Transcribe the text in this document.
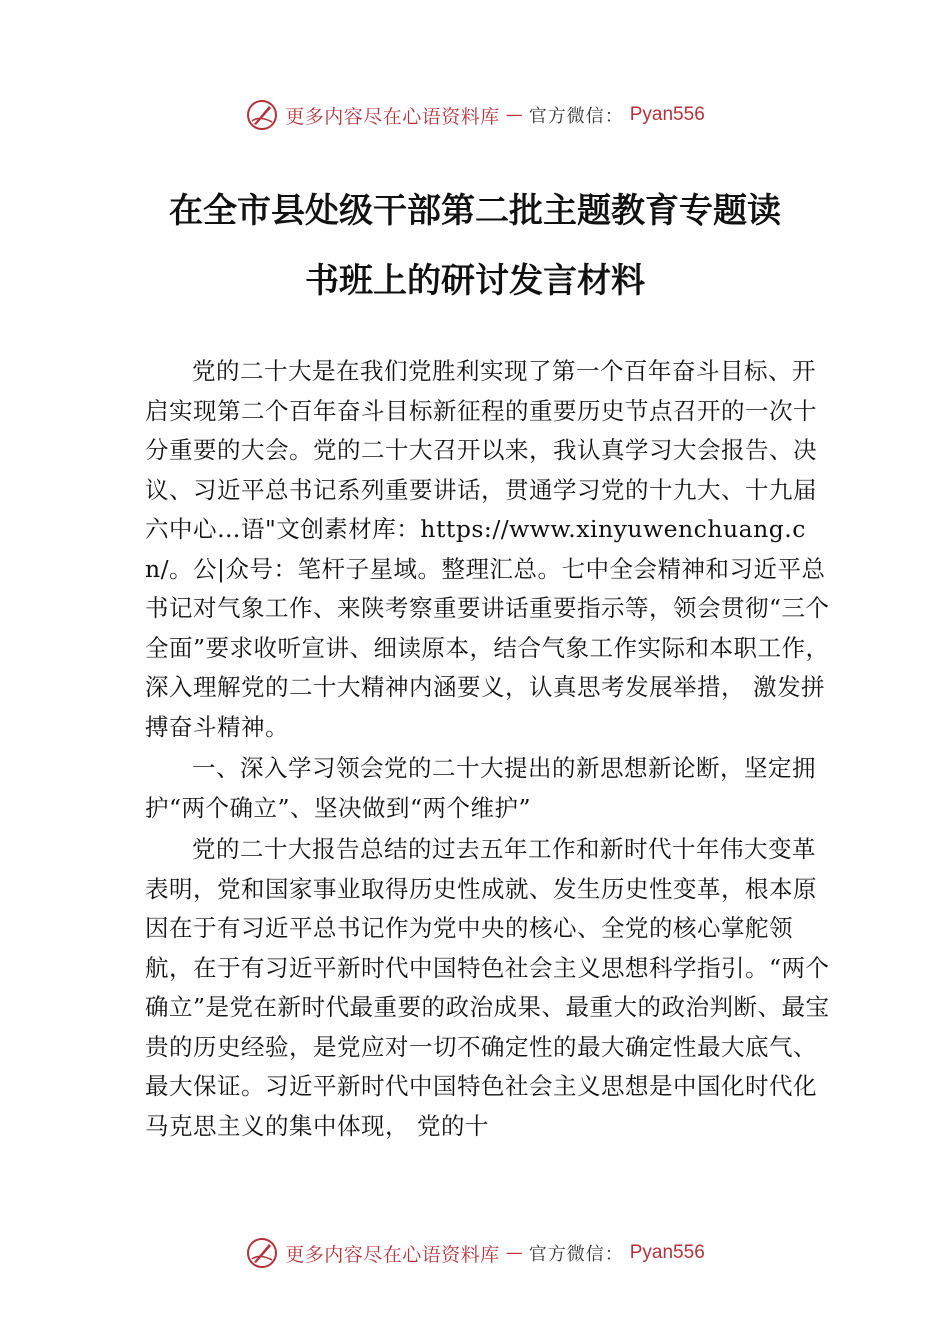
更多内容尽在心语资料库 — 官方微信： Pyan556
在全市县处级干部第二批主题教育专题读
书班上的研讨发言材料

党的二十大是在我们党胜利实现了第一个百年奋斗目标、开启实现第二个百年奋斗目标新征程的重要历史节点召开的一次十分重要的大会。党的二十大召开以来，我认真学习大会报告、决议、习近平总书记系列重要讲话，贯通学习党的十九大、十九届六中心…语"文创素材库：https://www.xinyuwenchuang.cn/。公|众号：笔杆子星域。整理汇总。七中全会精神和习近平总书记对气象工作、来陕考察重要讲话重要指示等，领会贯彻“三个全面”要求收听宣讲、细读原本，结合气象工作实际和本职工作，深入理解党的二十大精神内涵要义，认真思考发展举措， 激发拼搏奋斗精神。

一、深入学习领会党的二十大提出的新思想新论断，坚定拥护“两个确立”、坚决做到“两个维护”

党的二十大报告总结的过去五年工作和新时代十年伟大变革表明，党和国家事业取得历史性成就、发生历史性变革，根本原因在于有习近平总书记作为党中央的核心、全党的核心掌舵领航，在于有习近平新时代中国特色社会主义思想科学指引。“两个确立”是党在新时代最重要的政治成果、最重大的政治判断、最宝贵的历史经验，是党应对一切不确定性的最大确定性最大底气、最大保证。习近平新时代中国特色社会主义思想是中国化时代化马克思主义的集中体现， 党的十

更多内容尽在心语资料库 — 官方微信： Pyan556
